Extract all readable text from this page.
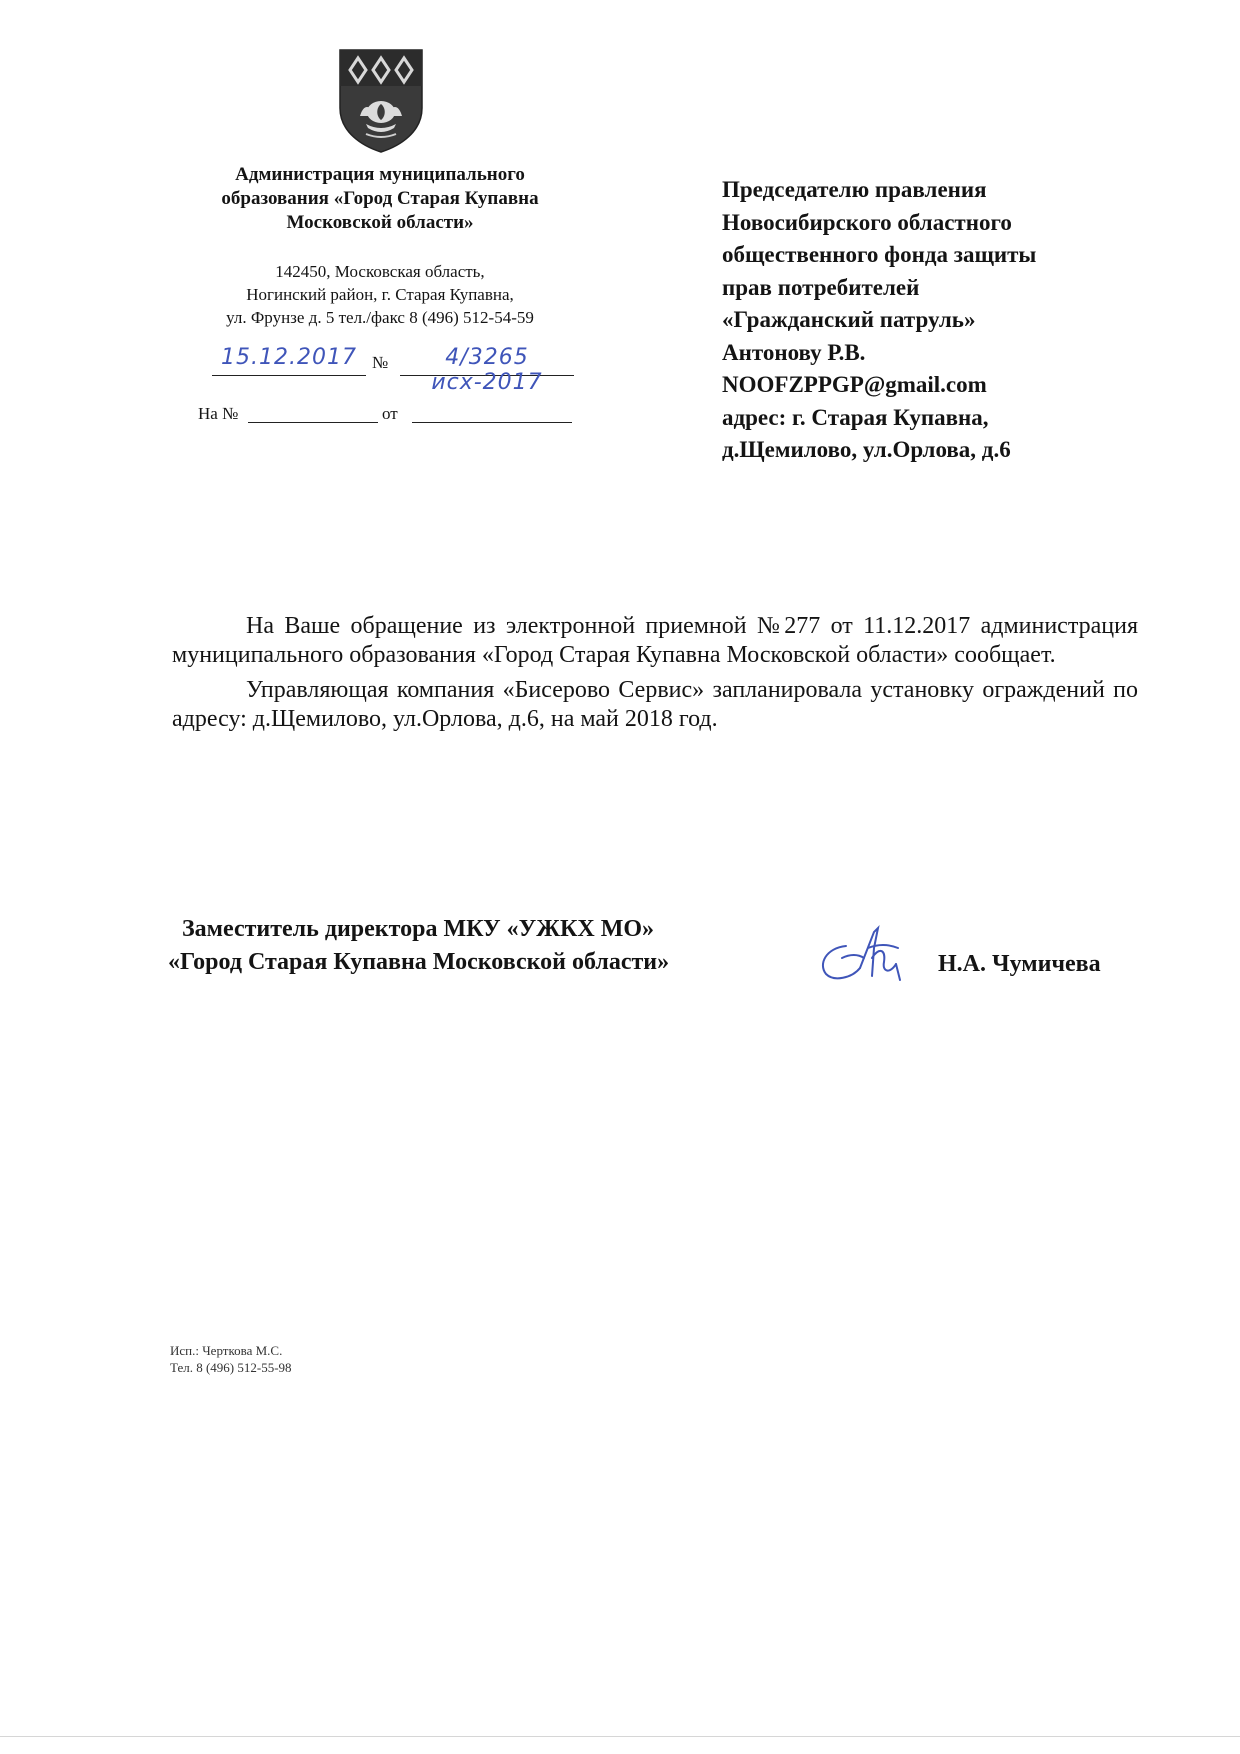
Администрация муниципального
образования «Город Старая Купавна
Московской области»
142450, Московская область,
Ногинский район, г. Старая Купавна,
ул. Фрунзе д. 5 тел./факс 8 (496) 512-54-59
15.12.2017 №	4/3265 исх-2017
На №	от
Председателю правления
Новосибирского областного
общественного фонда защиты
прав потребителей
«Гражданский патруль»
Антонову Р.В.
NOOFZPPGP@gmail.com
адрес: г. Старая Купавна,
д.Щемилово, ул.Орлова, д.6

На Ваше обращение из электронной приемной №277 от 11.12.2017 администрация муниципального образования «Город Старая Купавна Московской области» сообщает.

Управляющая компания «Бисерово Сервис» запланировала установку ограждений по адресу: д.Щемилово, ул.Орлова, д.6, на май 2018 год.

Заместитель директора МКУ «УЖКХ МО»
«Город Старая Купавна Московской области»	Н.А. Чумичева
Исп.: Черткова М.С.
Тел. 8 (496) 512-55-98
